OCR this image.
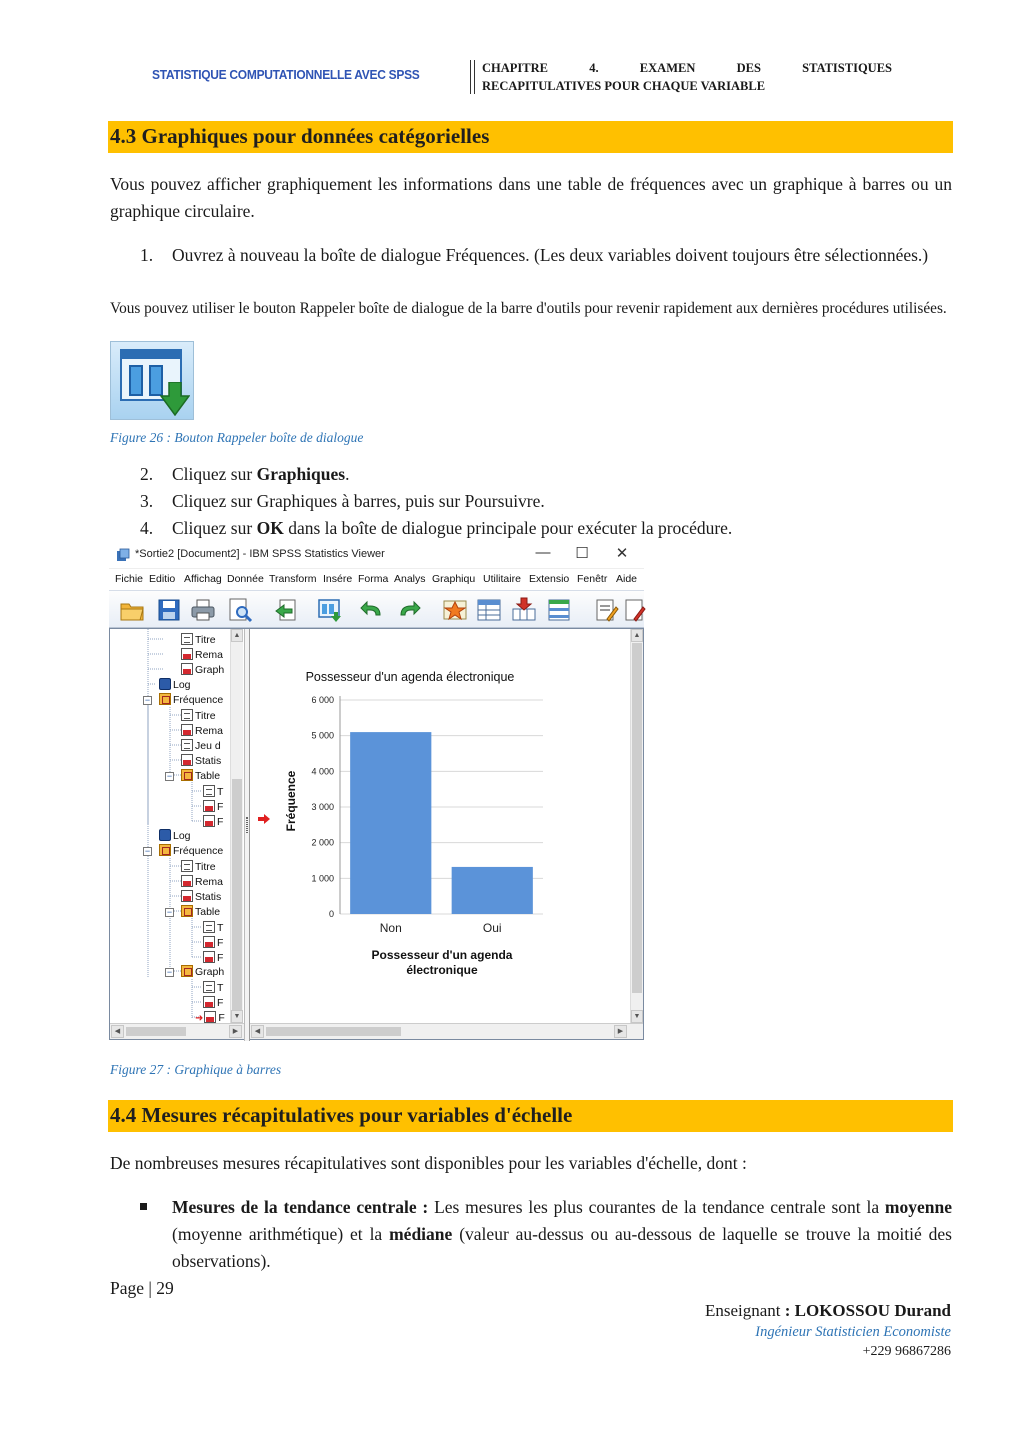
STATISTIQUE COMPUTATIONNELLE AVEC SPSS	CHAPITRE	4.	EXAMEN	DES	STATISTIQUES
RECAPITULATIVES POUR CHAQUE VARIABLE
4.3 Graphiques pour données catégorielles
Vous pouvez afficher graphiquement les informations dans une table de fréquences avec un graphique à barres ou un graphique circulaire.
1. Ouvrez à nouveau la boîte de dialogue Fréquences. (Les deux variables doivent toujours être sélectionnées.)
Vous pouvez utiliser le bouton Rappeler boîte de dialogue de la barre d'outils pour revenir rapidement aux dernières procédures utilisées.
Figure 26 : Bouton Rappeler boîte de dialogue
2. Cliquez sur Graphiques.
3. Cliquez sur Graphiques à barres, puis sur Poursuivre.
4. Cliquez sur OK dans la boîte de dialogue principale pour exécuter la procédure.
*Sortie2 [Document2] - IBM SPSS Statistics Viewer	—	☐	✕
Fichie Editio Affichag Donnée Transform Insére Forma Analys Graphiqu Utilitaire Extensio Fenêtr Aide
Titre
Rema
Graph
Log
− Fréquence
Titre
Rema
Jeu d
Statis
− Table
T
F
F
Log
− Fréquence
Titre
Rema
Statis
− Table
T
F
F
− Graph
T
F
➜ F
▲
▼
Possesseur d'un agenda électronique
Fréquence
0
1 000
2 000
3 000
4 000
5 000
6 000
Non	Oui
Possesseur d'un agenda
électronique
▲
▼
◀	▶	◀	▶
Figure 27 : Graphique à barres
4.4 Mesures récapitulatives pour variables d'échelle
De nombreuses mesures récapitulatives sont disponibles pour les variables d'échelle, dont :
Mesures de la tendance centrale : Les mesures les plus courantes de la tendance centrale sont la moyenne (moyenne arithmétique) et la médiane (valeur au-dessus ou au-dessous de laquelle se trouve la moitié des observations).
Page | 29
Enseignant : LOKOSSOU Durand
Ingénieur Statisticien Economiste
+229 96867286
